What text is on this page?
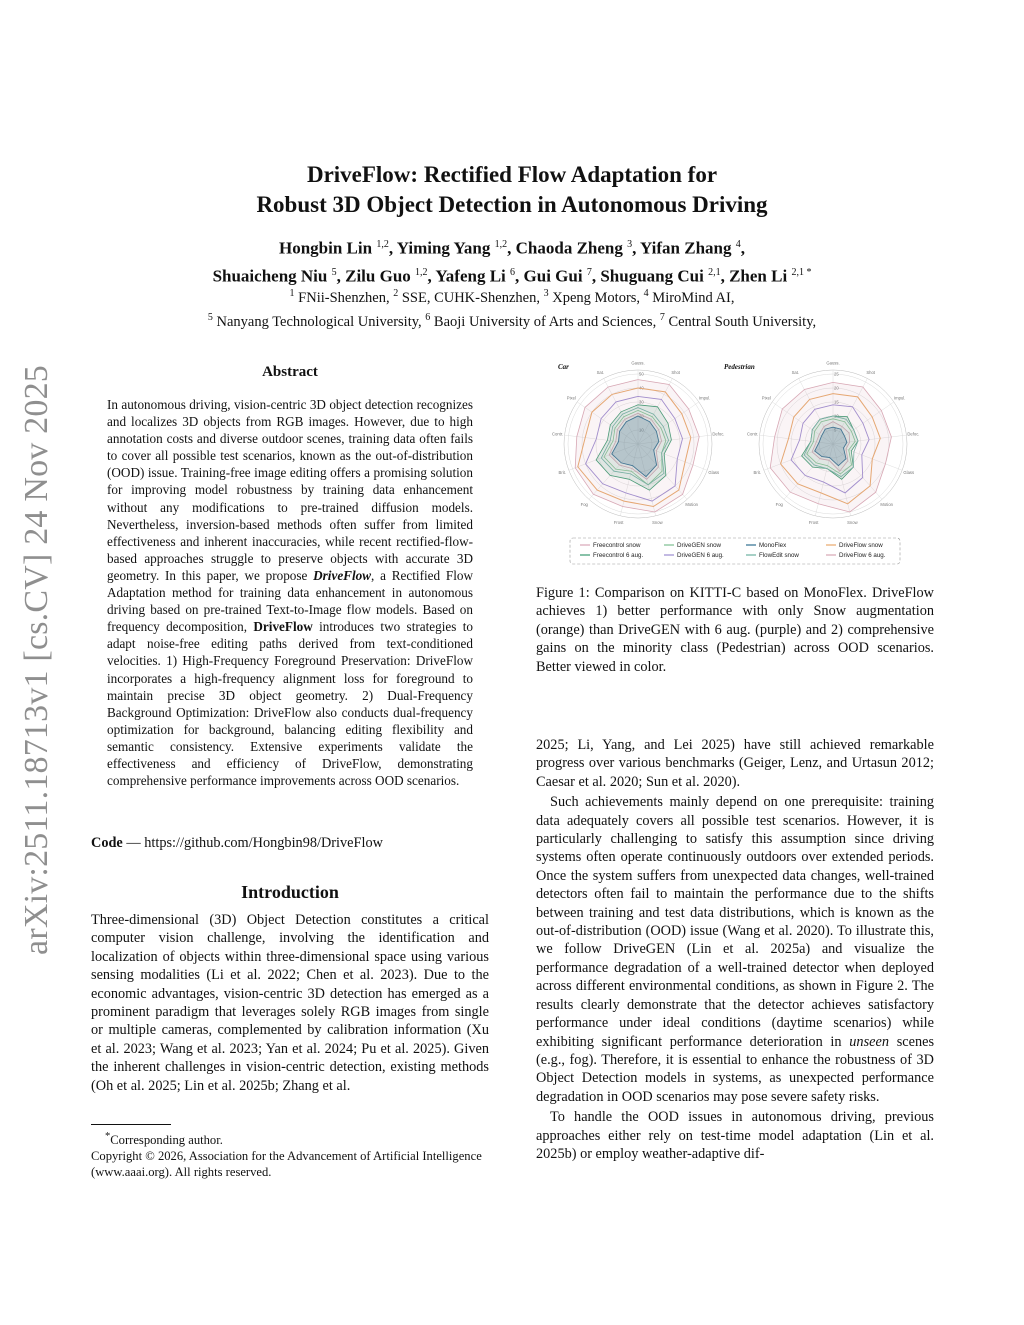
arXiv:2511.18713v1 [cs.CV] 24 Nov 2025
DriveFlow: Rectified Flow Adaptation for
Robust 3D Object Detection in Autonomous Driving
Hongbin Lin $^{1,2}$, Yiming Yang $^{1,2}$, Chaoda Zheng $^3$, Yifan Zhang $^4$,
Shuaicheng Niu $^5$, Zilu Guo $^{1,2}$, Yafeng Li $^6$, Gui Gui $^7$, Shuguang Cui $^{2,1}$, Zhen Li $^{2,1 *}$
$^1$ FNii-Shenzhen, $^2$ SSE, CUHK-Shenzhen, $^3$ Xpeng Motors, $^4$ MiroMind AI,
$^5$ Nanyang Technological University, $^6$ Baoji University of Arts and Sciences, $^7$ Central South University,
Abstract
In autonomous driving, vision-centric 3D object detection recognizes and localizes 3D objects from RGB images. However, due to high annotation costs and diverse outdoor scenes, training data often fails to cover all possible test scenarios, known as the out-of-distribution (OOD) issue. Training-free image editing offers a promising solution for improving model robustness by training data enhancement without any modifications to pre-trained diffusion models. Nevertheless, inversion-based methods often suffer from limited effectiveness and inherent inaccuracies, while recent rectified-flow-based approaches struggle to preserve objects with accurate 3D geometry. In this paper, we propose DriveFlow, a Rectified Flow Adaptation method for training data enhancement in autonomous driving based on pre-trained Text-to-Image flow models. Based on frequency decomposition, DriveFlow introduces two strategies to adapt noise-free editing paths derived from text-conditioned velocities. 1) High-Frequency Foreground Preservation: DriveFlow incorporates a high-frequency alignment loss for foreground to maintain precise 3D object geometry. 2) Dual-Frequency Background Optimization: DriveFlow also conducts dual-frequency optimization for background, balancing editing flexibility and semantic consistency. Extensive experiments validate the effectiveness and efficiency of DriveFlow, demonstrating comprehensive performance improvements across OOD scenarios.
Code — https://github.com/Hongbin98/DriveFlow
Introduction

Three-dimensional (3D) Object Detection constitutes a critical computer vision challenge, involving the identification and localization of objects within three-dimensional space using various sensing modalities (Li et al. 2022; Chen et al. 2023). Due to the economic advantages, vision-centric 3D detection has emerged as a prominent paradigm that leverages solely RGB images from single or multiple cameras, complemented by calibration information (Xu et al. 2023; Wang et al. 2023; Yan et al. 2024; Pu et al. 2025). Given the inherent challenges in vision-centric detection, existing methods (Oh et al. 2025; Lin et al. 2025b; Zhang et al.

*Corresponding author.
Copyright © 2026, Association for the Advancement of Artificial Intelligence (www.aaai.org). All rights reserved.
Gauss.
Shot
Impul.
Defoc.
Glass
Motion
Snow
Frost
Fog
Brit.
Contr.
Pixel
Sat.
10
20
30
40
50
Car	Gauss.
Shot
Impul.
Defoc.
Glass
Motion
Snow
Frost
Fog
Brit.
Contr.
Pixel
Sat.
5
10
15
20
25
Pedestrian
Freecontrol snow
Freecontrol 6 aug.
DriveGEN snow
DriveGEN 6 aug.
MonoFlex
FlowEdit snow
DriveFlow snow
DriveFlow 6 aug.
Figure 1: Comparison on KITTI-C based on MonoFlex. DriveFlow achieves 1) better performance with only Snow augmentation (orange) than DriveGEN with 6 aug. (purple) and 2) comprehensive gains on the minority class (Pedestrian) across OOD scenarios. Better viewed in color.

2025; Li, Yang, and Lei 2025) have still achieved remarkable progress over various benchmarks (Geiger, Lenz, and Urtasun 2012; Caesar et al. 2020; Sun et al. 2020).

Such achievements mainly depend on one prerequisite: training data adequately covers all possible test scenarios. However, it is particularly challenging to satisfy this assumption since driving systems often operate continuously outdoors over extended periods. Once the system suffers from unexpected data changes, well-trained detectors often fail to maintain the performance due to the shifts between training and test data distributions, which is known as the out-of-distribution (OOD) issue (Wang et al. 2020). To illustrate this, we follow DriveGEN (Lin et al. 2025a) and visualize the performance degradation of a well-trained detector when deployed across different environmental conditions, as shown in Figure 2. The results clearly demonstrate that the detector achieves satisfactory performance under ideal conditions (daytime scenarios) while exhibiting significant performance deterioration in unseen scenes (e.g., fog). Therefore, it is essential to enhance the robustness of 3D Object Detection models in systems, as unexpected performance degradation in OOD scenarios may pose severe safety risks.

To handle the OOD issues in autonomous driving, previous approaches either rely on test-time model adaptation (Lin et al. 2025b) or employ weather-adaptive dif-
